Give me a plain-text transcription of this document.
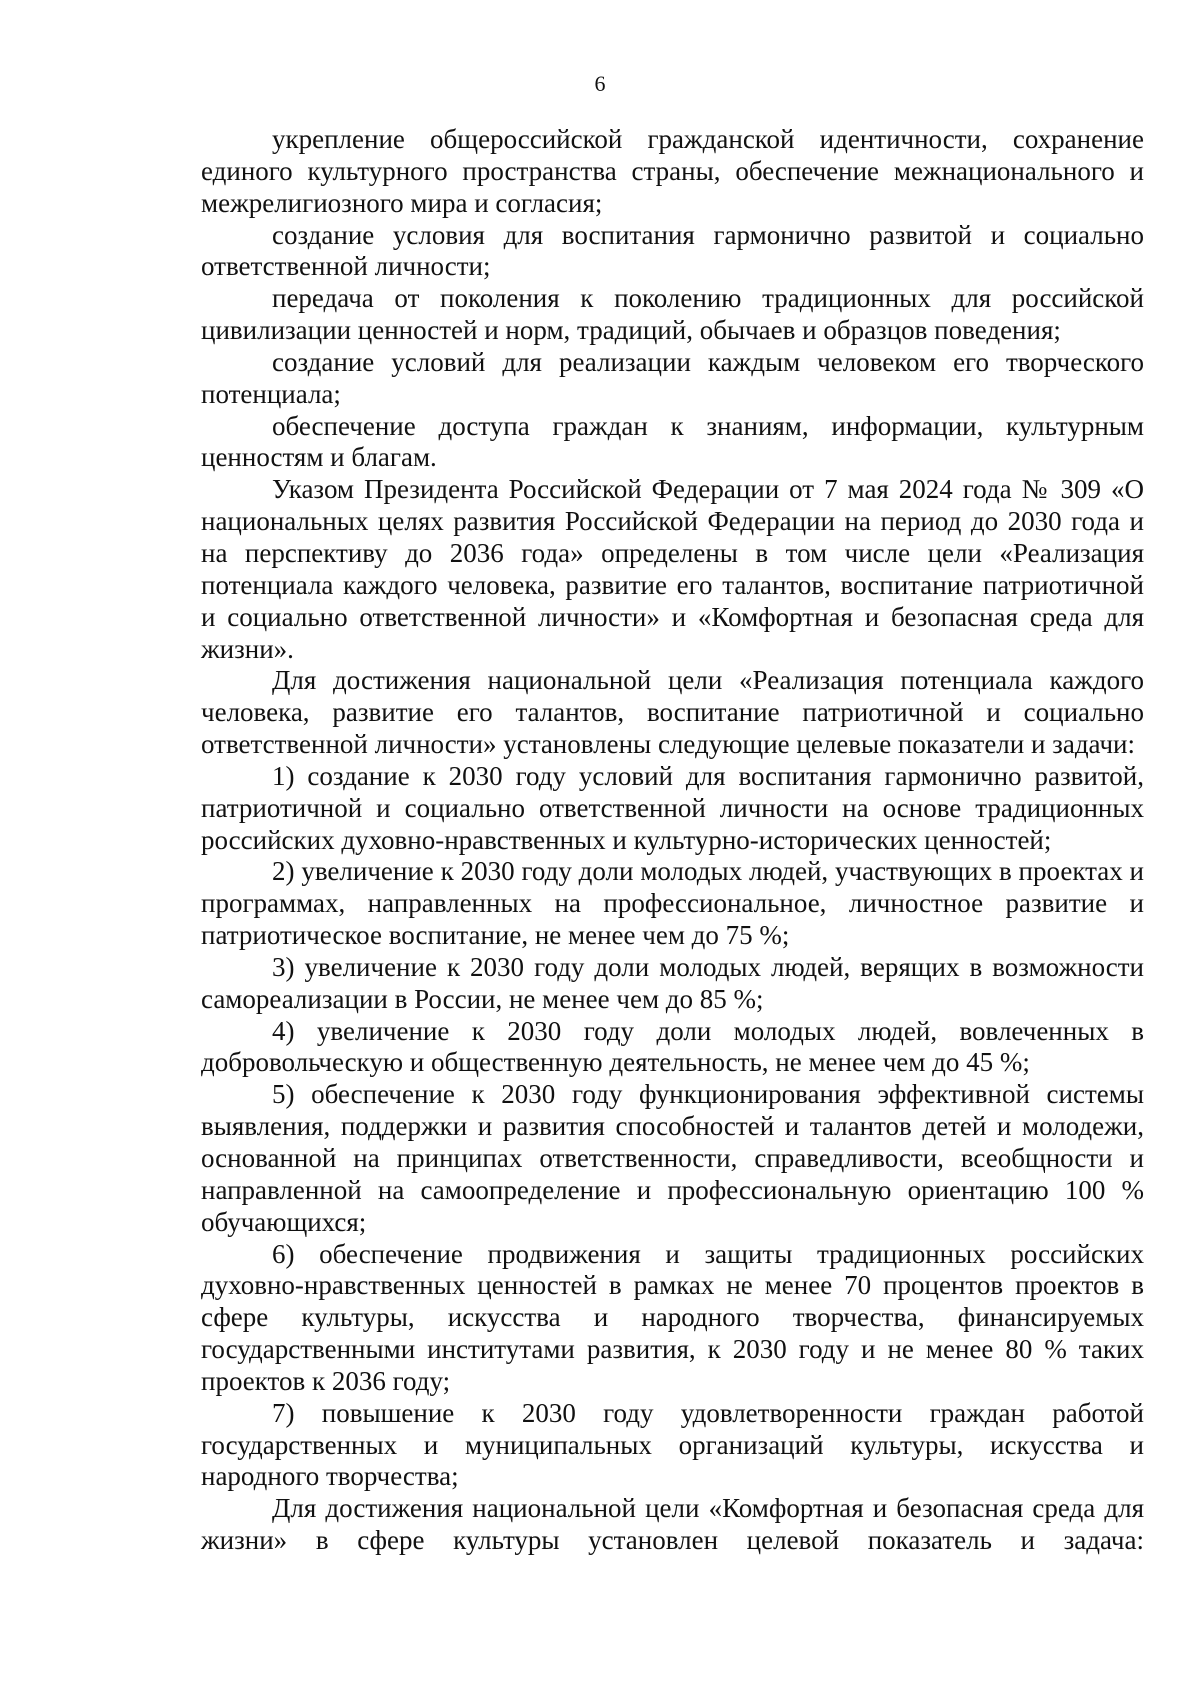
6

укрепление общероссийской гражданской идентичности, сохранение единого культурного пространства страны, обеспечение межнационального и межрелигиозного мира и согласия;

создание условия для воспитания гармонично развитой и социально ответственной личности;

передача от поколения к поколению традиционных для российской цивилизации ценностей и норм, традиций, обычаев и образцов поведения;

создание условий для реализации каждым человеком его творческого потенциала;

обеспечение доступа граждан к знаниям, информации, культурным ценностям и благам.

Указом Президента Российской Федерации от 7 мая 2024 года № 309 «О национальных целях развития Российской Федерации на период до 2030 года и на перспективу до 2036 года» определены в том числе цели «Реализация потенциала каждого человека, развитие его талантов, воспитание патриотичной и социально ответственной личности» и «Комфортная и безопасная среда для жизни».

Для достижения национальной цели «Реализация потенциала каждого человека, развитие его талантов, воспитание патриотичной и социально ответственной личности» установлены следующие целевые показатели и задачи:

1) создание к 2030 году условий для воспитания гармонично развитой, патриотичной и социально ответственной личности на основе традиционных российских духовно-нравственных и культурно-исторических ценностей;

2) увеличение к 2030 году доли молодых людей, участвующих в проектах и программах, направленных на профессиональное, личностное развитие и патриотическое воспитание, не менее чем до 75 %;

3) увеличение к 2030 году доли молодых людей, верящих в возможности самореализации в России, не менее чем до 85 %;

4) увеличение к 2030 году доли молодых людей, вовлеченных в добровольческую и общественную деятельность, не менее чем до 45 %;

5) обеспечение к 2030 году функционирования эффективной системы выявления, поддержки и развития способностей и талантов детей и молодежи, основанной на принципах ответственности, справедливости, всеобщности и направленной на самоопределение и профессиональную ориентацию 100 % обучающихся;

6) обеспечение продвижения и защиты традиционных российских духовно-нравственных ценностей в рамках не менее 70 процентов проектов в сфере культуры, искусства и народного творчества, финансируемых государственными институтами развития, к 2030 году и не менее 80 % таких проектов к 2036 году;

7) повышение к 2030 году удовлетворенности граждан работой государственных и муниципальных организаций культуры, искусства и народного творчества;

Для достижения национальной цели «Комфортная и безопасная среда для жизни» в сфере культуры установлен целевой показатель и задача:
